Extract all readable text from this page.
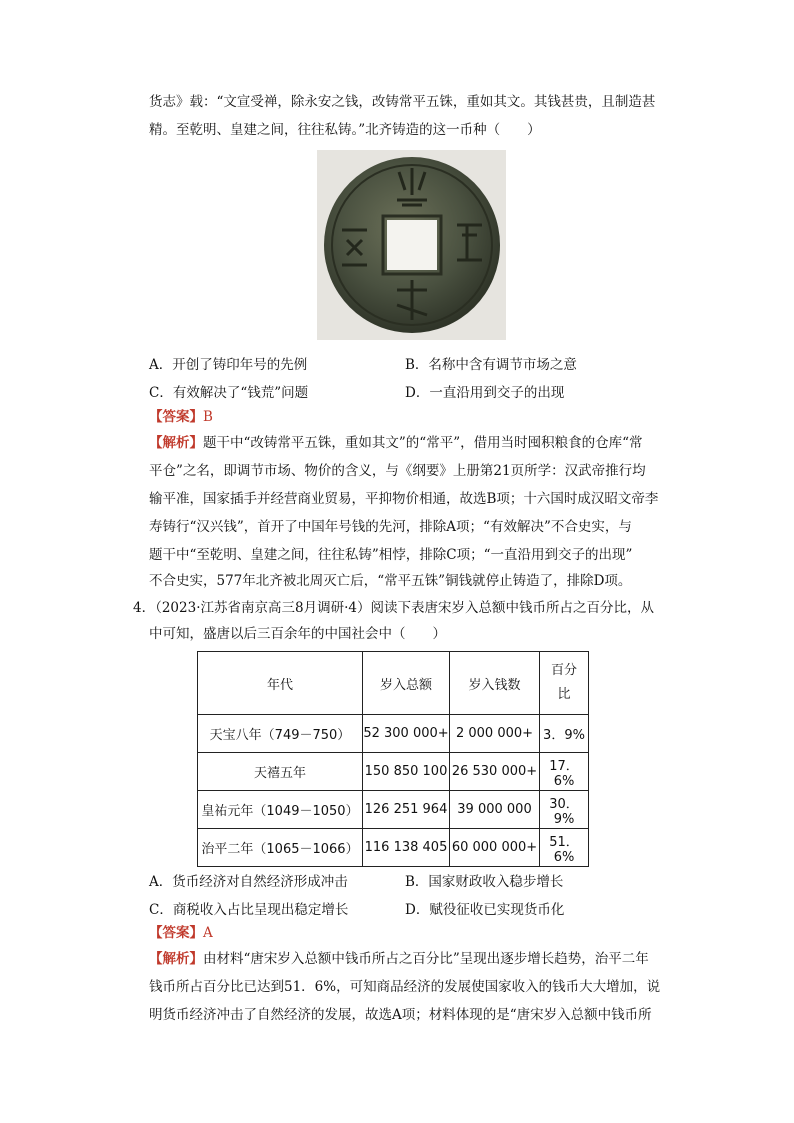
货志》载：“文宣受禅，除永安之钱，改铸常平五铢，重如其文。其钱甚贵，且制造甚
精。至乾明、皇建之间，往往私铸。”北齐铸造的这一币种（　　）
A．开创了铸印年号的先例	B．名称中含有调节市场之意
C．有效解决了“钱荒”问题	D．一直沿用到交子的出现
【答案】B
【解析】题干中“改铸常平五铢，重如其文”的“常平”，借用当时囤积粮食的仓库“常
平仓”之名，即调节市场、物价的含义，与《纲要》上册第21页所学：汉武帝推行均
输平准，国家插手并经营商业贸易，平抑物价相通，故选B项；十六国时成汉昭文帝李
寿铸行“汉兴钱”，首开了中国年号钱的先河，排除A项；“有效解决”不合史实，与
题干中“至乾明、皇建之间，往往私铸”相悖，排除C项；“一直沿用到交子的出现”
不合史实，577年北齐被北周灭亡后，“常平五铢”铜钱就停止铸造了，排除D项。
4．（2023·江苏省南京高三8月调研·4）阅读下表唐宋岁入总额中钱币所占之百分比，从
中可知，盛唐以后三百余年的中国社会中（　　）
年代	岁入总额	岁入钱数	百分
比

天宝八年（749－750）	52 300 000+	2 000 000+	3．9%
天禧五年	150 850 100	26 530 000+	17．6%
皇祐元年（1049－1050）	126 251 964	39 000 000	30．9%
治平二年（1065－1066）	116 138 405	60 000 000+	51．6%
A．货币经济对自然经济形成冲击	B．国家财政收入稳步增长
C．商税收入占比呈现出稳定增长	D．赋役征收已实现货币化
【答案】A
【解析】由材料“唐宋岁入总额中钱币所占之百分比”呈现出逐步增长趋势，治平二年
钱币所占百分比已达到51．6%，可知商品经济的发展使国家收入的钱币大大增加，说
明货币经济冲击了自然经济的发展，故选A项；材料体现的是“唐宋岁入总额中钱币所
